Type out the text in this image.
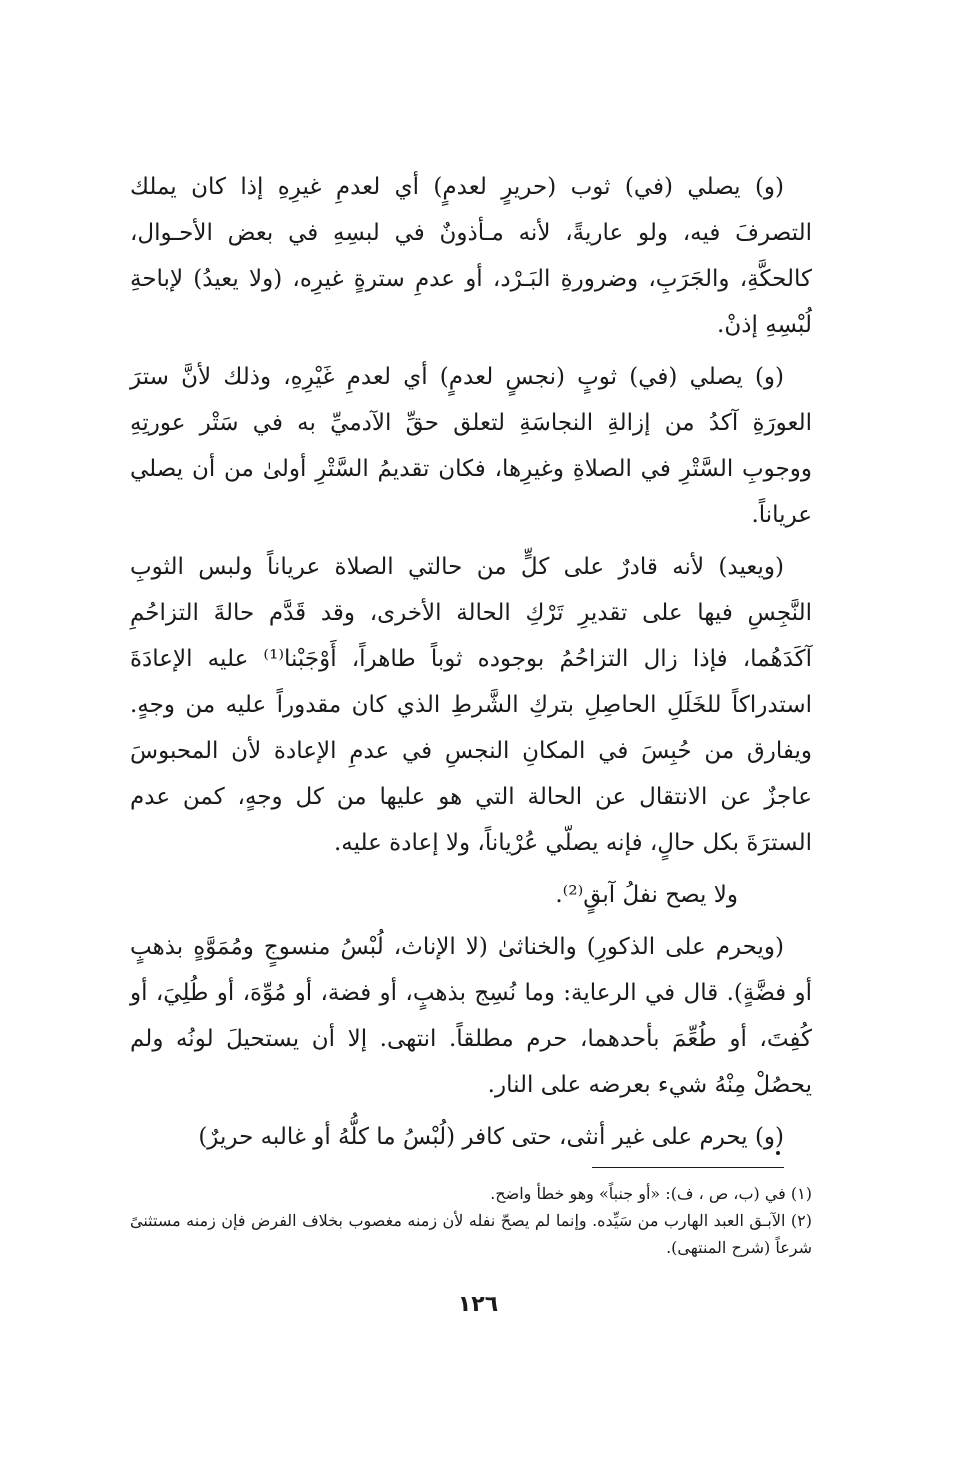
(و) يصلي (في) ثوب (حريرٍ لعدمٍ) أي لعدمِ غيرِهِ إذا كان يملك التصرفَ فيه، ولو عاريةً، لأنه مـأذونٌ في لبسِهِ في بعض الأحـوال، كالحكَّةِ، والجَرَبِ، وضرورةِ البَـرْد، أو عدمِ سترةٍ غيرِه، (ولا يعيدُ) لإباحةِ لُبْسِهِ إذنْ.

(و) يصلي (في) ثوبٍ (نجسٍ لعدمٍ) أي لعدمِ غَيْرِهِ، وذلك لأنَّ سترَ العورَةِ آكدُ من إزالةِ النجاسَةِ لتعلق حقِّ الآدميِّ به في سَتْر عورتِهِ ووجوبِ السَّتْرِ في الصلاةِ وغيرِها، فكان تقديمُ السَّتْرِ أولىٰ من أن يصلي عرياناً.

(ويعيد) لأنه قادرٌ على كلٍّ من حالتي الصلاة عرياناً ولبس الثوبِ النَّجِسِ فيها على تقديرِ تَرْكِ الحالة الأخرى، وقد قَدَّم حالةَ التزاحُمِ آكَدَهُما، فإذا زال التزاحُمُ بوجوده ثوباً طاهراً، أَوْجَبْنا⁽¹⁾ عليه الإعادَةَ استدراكاً للخَلَلِ الحاصِلِ بتركِ الشَّرطِ الذي كان مقدوراً عليه من وجهٍ. ويفارق من حُبِسَ في المكانِ النجسِ في عدمِ الإعادة لأن المحبوسَ عاجزٌ عن الانتقال عن الحالة التي هو عليها من كل وجهٍ، كمن عدم السترَةَ بكل حالٍ، فإنه يصلّي عُرْياناً، ولا إعادة عليه.

ولا يصح نفلُ آبقٍ⁽²⁾.

(ويحرم على الذكورِ) والخناثىٰ (لا الإناث، لُبْسُ منسوجٍ ومُمَوَّهٍ بذهبٍ أو فضَّةٍ). قال في الرعاية: وما نُسِج بذهبٍ، أو فضة، أو مُوِّهَ، أو طُلِيَ، أو كُفِتَ، أو طُعِّمَ بأحدهما، حرم مطلقاً. انتهى. إلا أن يستحيلَ لونُه ولم يحصُلْ مِنْهُ شيء بعرضه على النار.

(و) يحرم على غير أنثى، حتى كافر (لُبْسُ ما كلُّهُ أو غالبه حريرٌ)

(١) في (ب، ص ، ف): «أو جنباً» وهو خطأ واضح.
(٢) الآبـق العبد الهارب من سَيِّده. وإنما لم يصحّ نفله لأن زمنه مغصوب بخلاف الفرض فإن زمنه مستثنىً شرعاً (شرح المنتهى).
١٢٦
